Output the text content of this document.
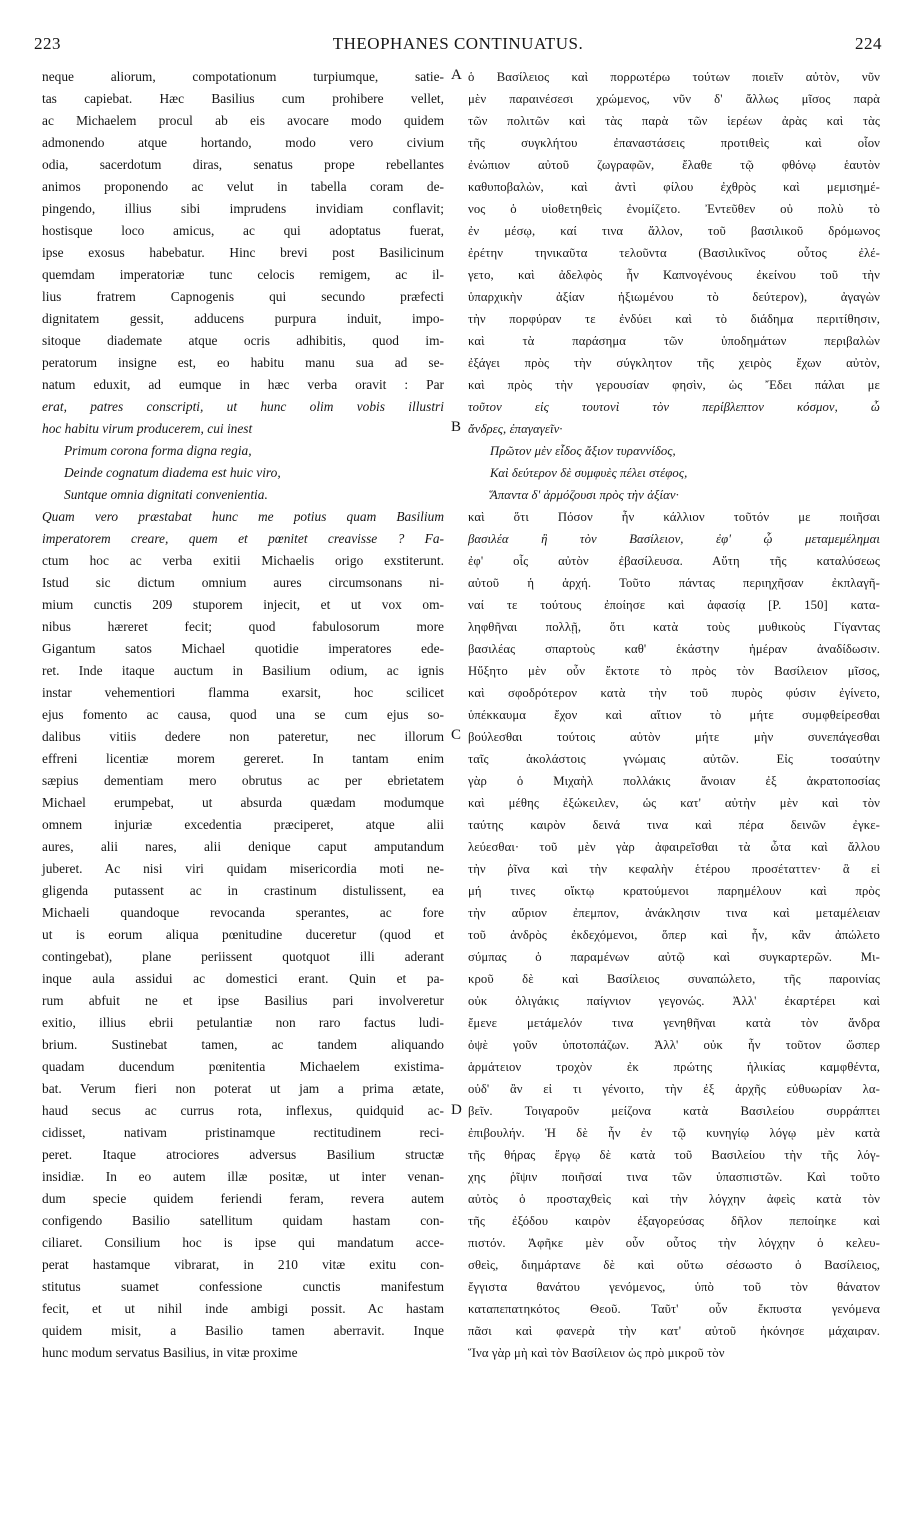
223	THEOPHANES CONTINUATUS.	224
neque aliorum, compotationum turpiumque, satie-
tas capiebat. Hæc Basilius cum prohibere vellet,
ac Michaelem procul ab eis avocare modo quidem
admonendo atque hortando, modo vero civium
odia, sacerdotum diras, senatus prope rebellantes
animos proponendo ac velut in tabella coram de-
pingendo, illius sibi imprudens invidiam conflavit;
hostisque loco amicus, ac qui adoptatus fuerat,
ipse exosus habebatur. Hinc brevi post Basilicinum
quemdam imperatoriæ tunc celocis remigem, ac il-
lius fratrem Capnogenis qui secundo præfecti
dignitatem gessit, adducens purpura induit, impo-
sitoque diademate atque ocris adhibitis, quod im-
peratorum insigne est, eo habitu manu sua ad se-
natum eduxit, ad eumque in hæc verba oravit : Par
erat, patres conscripti, ut hunc olim vobis illustri
hoc habitu virum producerem, cui inest
Primum corona forma digna regia,
Deinde cognatum diadema est huic viro,
Suntque omnia dignitati convenientia.
Quam vero præstabat hunc me potius quam Basilium
imperatorem creare, quem et pœnitet creavisse ? Fa-
ctum hoc ac verba exitii Michaelis origo exstiterunt.
Istud sic dictum omnium aures circumsonans ni-
mium cunctis 209 stuporem injecit, et ut vox om-
nibus hæreret fecit; quod fabulosorum more
Gigantum satos Michael quotidie imperatores ede-
ret. Inde itaque auctum in Basilium odium, ac ignis
instar vehementiori flamma exarsit, hoc scilicet
ejus fomento ac causa, quod una se cum ejus so-
dalibus vitiis dedere non pateretur, nec illorum
effreni licentiæ morem gereret. In tantam enim
sæpius dementiam mero obrutus ac per ebrietatem
Michael erumpebat, ut absurda quædam modumque
omnem injuriæ excedentia præciperet, atque alii
aures, alii nares, alii denique caput amputandum
juberet. Ac nisi viri quidam misericordia moti ne-
gligenda putassent ac in crastinum distulissent, ea
Michaeli quandoque revocanda sperantes, ac fore
ut is eorum aliqua pœnitudine duceretur (quod et
contingebat), plane periissent quotquot illi aderant
inque aula assidui ac domestici erant. Quin et pa-
rum abfuit ne et ipse Basilius pari involveretur
exitio, illius ebrii petulantiæ non raro factus ludi-
brium. Sustinebat tamen, ac tandem aliquando
quadam ducendum pœnitentia Michaelem existima-
bat. Verum fieri non poterat ut jam a prima ætate,
haud secus ac currus rota, inflexus, quidquid ac-
cidisset, nativam pristinamque rectitudinem reci-
peret. Itaque atrociores adversus Basilium structæ
insidiæ. In eo autem illæ positæ, ut inter venan-
dum specie quidem feriendi feram, revera autem
configendo Basilio satellitum quidam hastam con-
ciliaret. Consilium hoc is ipse qui mandatum acce-
perat hastamque vibrarat, in 210 vitæ exitu con-
stitutus suamet confessione cunctis manifestum
fecit, et ut nihil inde ambigi possit. Ac hastam
quidem misit, a Basilio tamen aberravit. Inque
hunc modum servatus Basilius, in vitæ proxime
ὁ Βασίλειος καὶ πορρωτέρω τούτων ποιεῖν αὐτὸν, νῦν
μὲν παραινέσεσι χρώμενος, νῦν δ' ἄλλως μῖσος παρὰ
τῶν πολιτῶν καὶ τὰς παρὰ τῶν ἱερέων ἀρὰς καὶ τὰς
τῆς συγκλήτου ἐπαναστάσεις προτιθεὶς καὶ οἷον
ἐνώπιον αὐτοῦ ζωγραφῶν, ἔλαθε τῷ φθόνῳ ἑαυτὸν
καθυποβαλὼν, καὶ ἀντὶ φίλου ἐχθρὸς καὶ μεμισημέ-
νος ὁ υἱοθετηθεὶς ἐνομίζετο. Ἐντεῦθεν οὐ πολὺ τὸ
ἐν μέσῳ, καί τινα ἄλλον, τοῦ βασιλικοῦ δρόμωνος
ἐρέτην τηνικαῦτα τελοῦντα (Βασιλικῖνος οὗτος ἐλέ-
γετο, καὶ ἀδελφὸς ἦν Καπνογένους ἐκείνου τοῦ τὴν
ὑπαρχικὴν ἀξίαν ἠξιωμένου τὸ δεύτερον), ἀγαγὼν
τὴν πορφύραν τε ἐνδύει καὶ τὸ διάδημα περιτίθησιν,
καὶ τὰ παράσημα τῶν ὑποδημάτων περιβαλὼν
ἐξάγει πρὸς τὴν σύγκλητον τῆς χειρὸς ἔχων αὐτὸν,
καὶ πρὸς τὴν γερουσίαν φησὶν, ὡς Ἔδει πάλαι με
τοῦτον εἰς τουτονὶ τὸν περίβλεπτον κόσμον, ὦ
ἄνδρες, ἐπαγαγεῖν·
Πρῶτον μὲν εἶδος ἄξιον τυραννίδος,
Καὶ δεύτερον δὲ συμφυὲς πέλει στέφος,
Ἅπαντα δ' ἁρμόζουσι πρὸς τὴν ἀξίαν·
καὶ ὅτι Πόσον ἦν κάλλιον τοῦτόν με ποιῆσαι
βασιλέα ἢ τὸν Βασίλειον, ἐφ' ᾧ μεταμεμέλημαι
ἐφ' οἷς αὐτὸν ἐβασίλευσα. Αὕτη τῆς καταλύσεως
αὐτοῦ ἡ ἀρχή. Τοῦτο πάντας περιηχῆσαν ἐκπλαγῆ-
ναί τε τούτους ἐποίησε καὶ ἀφασίᾳ [P. 150] κατα-
ληφθῆναι πολλῇ, ὅτι κατὰ τοὺς μυθικοὺς Γίγαντας
βασιλέας σπαρτοὺς καθ' ἑκάστην ἡμέραν ἀναδίδωσιν.
Ηὔξητο μὲν οὖν ἔκτοτε τὸ πρὸς τὸν Βασίλειον μῖσος,
καὶ σφοδρότερον κατὰ τὴν τοῦ πυρὸς φύσιν ἐγίνετο,
ὑπέκκαυμα ἔχον καὶ αἴτιον τὸ μήτε συμφθείρεσθαι
βούλεσθαι τούτοις αὐτὸν μήτε μὴν συνεπάγεσθαι
ταῖς ἀκολάστοις γνώμαις αὐτῶν. Εἰς τοσαύτην
γὰρ ὁ Μιχαὴλ πολλάκις ἄνοιαν ἐξ ἀκρατοποσίας
καὶ μέθης ἐξώκειλεν, ὡς κατ' αὐτὴν μὲν καὶ τὸν
ταύτης καιρὸν δεινά τινα καὶ πέρα δεινῶν ἐγκε-
λεύεσθαι· τοῦ μὲν γὰρ ἀφαιρεῖσθαι τὰ ὦτα καὶ ἄλλου
τὴν ῥῖνα καὶ τὴν κεφαλὴν ἑτέρου προσέταττεν· ἃ εἰ
μή τινες οἴκτῳ κρατούμενοι παρημέλουν καὶ πρὸς
τὴν αὔριον ἐπεμπον, ἀνάκλησιν τινα καὶ μεταμέλειαν
τοῦ ἀνδρὸς ἐκδεχόμενοι, ὅπερ καὶ ἦν, κἂν ἀπώλετο
σύμπας ὁ παραμένων αὐτῷ καὶ συγκαρτερῶν. Μι-
κροῦ δὲ καὶ Βασίλειος συναπώλετο, τῆς παροινίας
οὐκ ὀλιγάκις παίγνιον γεγονώς. Ἀλλ' ἐκαρτέρει καὶ
ἔμενε μετάμελόν τινα γενηθῆναι κατὰ τὸν ἄνδρα
ὀψὲ γοῦν ὑποτοπάζων. Ἀλλ' οὐκ ἦν τοῦτον ὥσπερ
ἁρμάτειον τροχὸν ἐκ πρώτης ἡλικίας καμφθέντα,
οὐδ' ἂν εἰ τι γένοιτο, τὴν ἐξ ἀρχῆς εὐθυωρίαν λα-
βεῖν. Τοιγαροῦν μείζονα κατὰ Βασιλείου συρράπτει
ἐπιβουλήν. Ἡ δὲ ἦν ἐν τῷ κυνηγίῳ λόγῳ μὲν κατὰ
τῆς θήρας ἔργῳ δὲ κατὰ τοῦ Βασιλείου τὴν τῆς λόγ-
χης ῥῖψιν ποιῆσαί τινα τῶν ὑπασπιστῶν. Καὶ τοῦτο
αὐτὸς ὁ προσταχθεὶς καὶ τὴν λόγχην ἀφεὶς κατὰ τὸν
τῆς ἐξόδου καιρὸν ἐξαγορεύσας δῆλον πεποίηκε καὶ
πιστόν. Ἀφῆκε μὲν οὖν οὗτος τὴν λόγχην ὁ κελευ-
σθεὶς, διημάρτανε δὲ καὶ οὕτω σέσωστο ὁ Βασίλειος,
ἔγγιστα θανάτου γενόμενος, ὑπὸ τοῦ τὸν θάνατον
καταπεπατηκότος Θεοῦ. Ταῦτ' οὖν ἔκπυστα γενόμενα
πᾶσι καὶ φανερὰ τὴν κατ' αὐτοῦ ἠκόνησε μάχαιραν.
Ἵνα γὰρ μὴ καὶ τὸν Βασίλειον ὡς πρὸ μικροῦ τὸν
A
B
C
D
